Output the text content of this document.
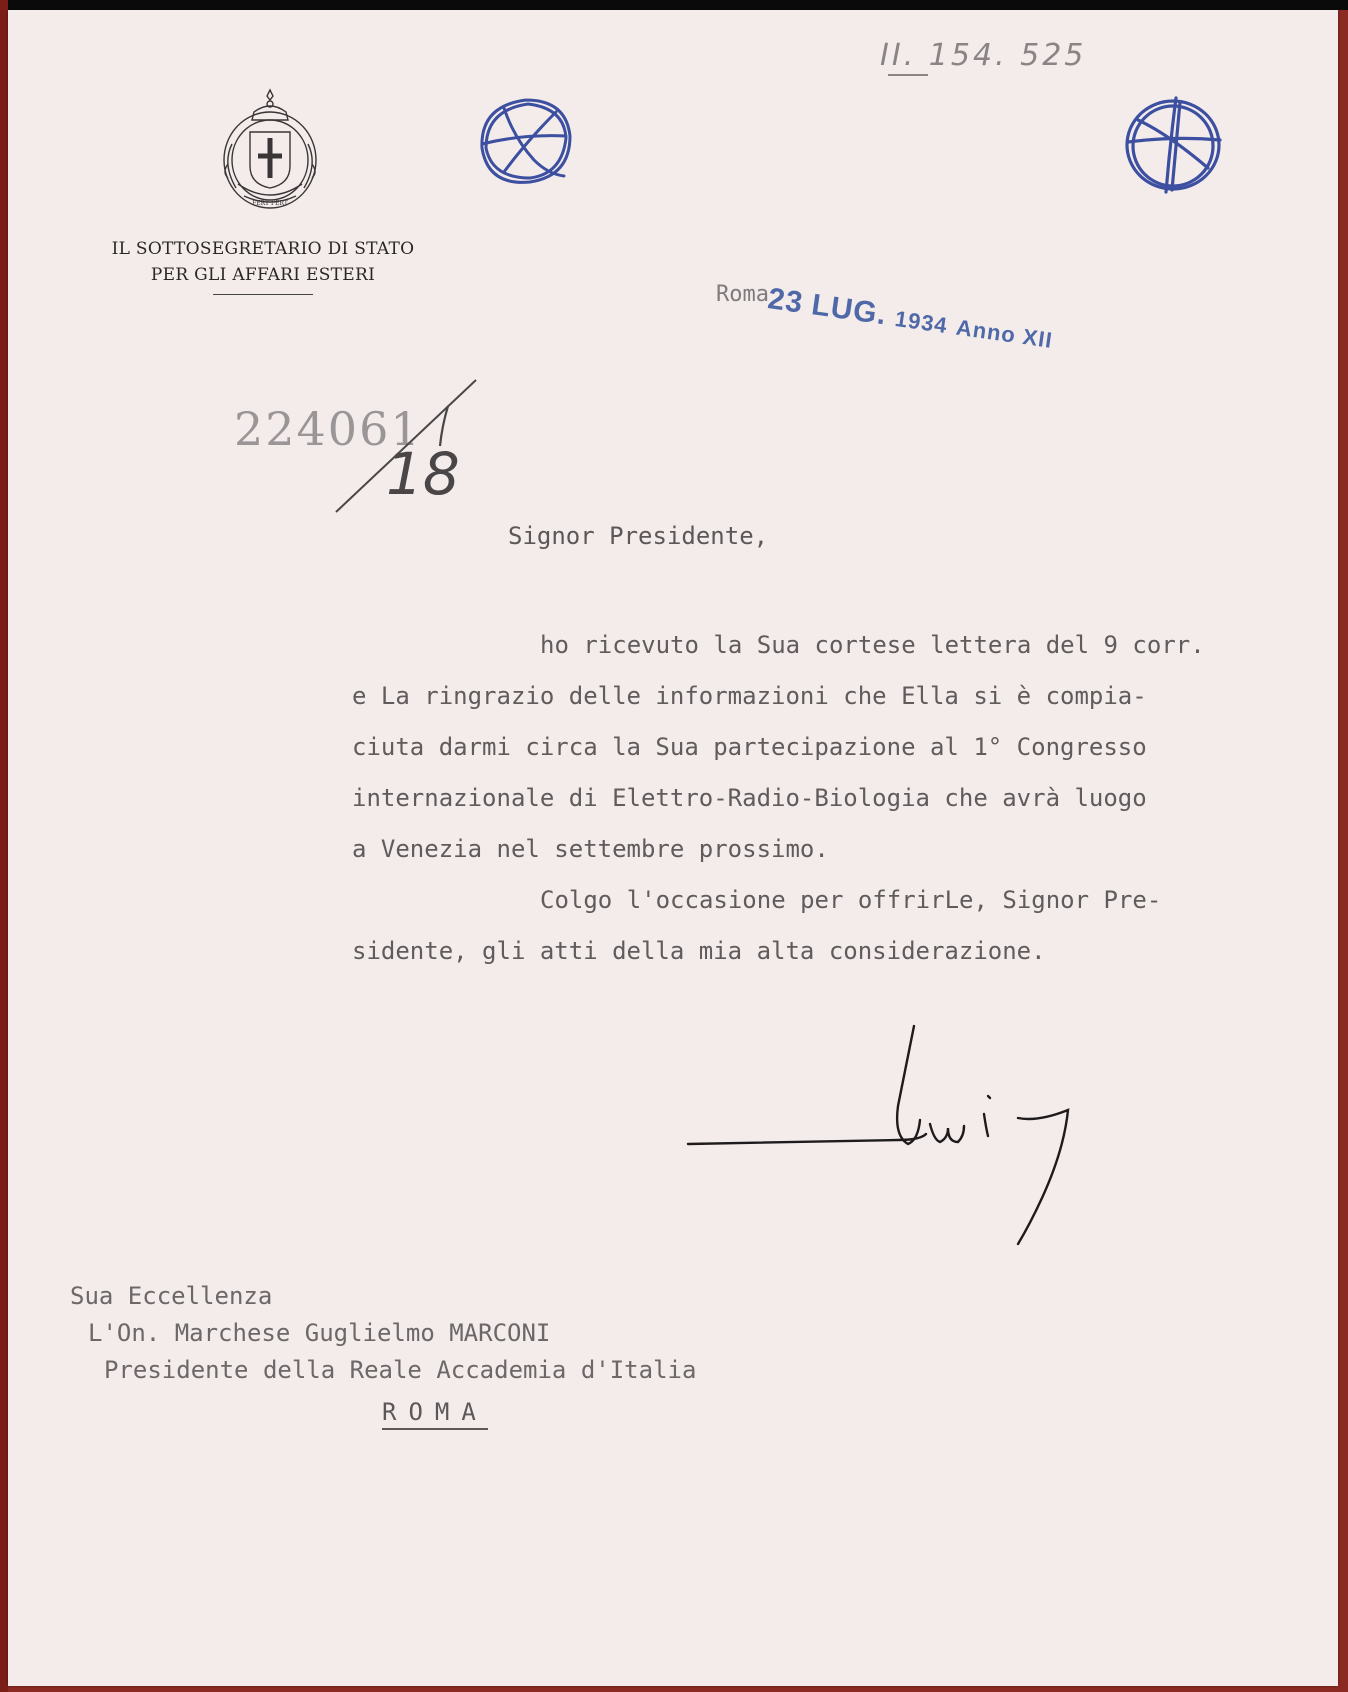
FERT FERT
IL SOTTOSEGRETARIO DI STATO
PER GLI AFFARI ESTERI
II. 154. 525
Roma
23 LUG. 1934 Anno XII
224061
18
Signor Presidente,

ho ricevuto la Sua cortese lettera del 9 corr.

e La ringrazio delle informazioni che Ella si è compia-

ciuta darmi circa la Sua partecipazione al 1° Congresso

internazionale di Elettro-Radio-Biologia che avrà luogo

a Venezia nel settembre prossimo.

Colgo l'occasione per offrirLe, Signor Pre-

sidente, gli atti della mia alta considerazione.

Sua Eccellenza
L'On. Marchese Guglielmo MARCONI
Presidente della Reale Accademia d'Italia
ROMA
